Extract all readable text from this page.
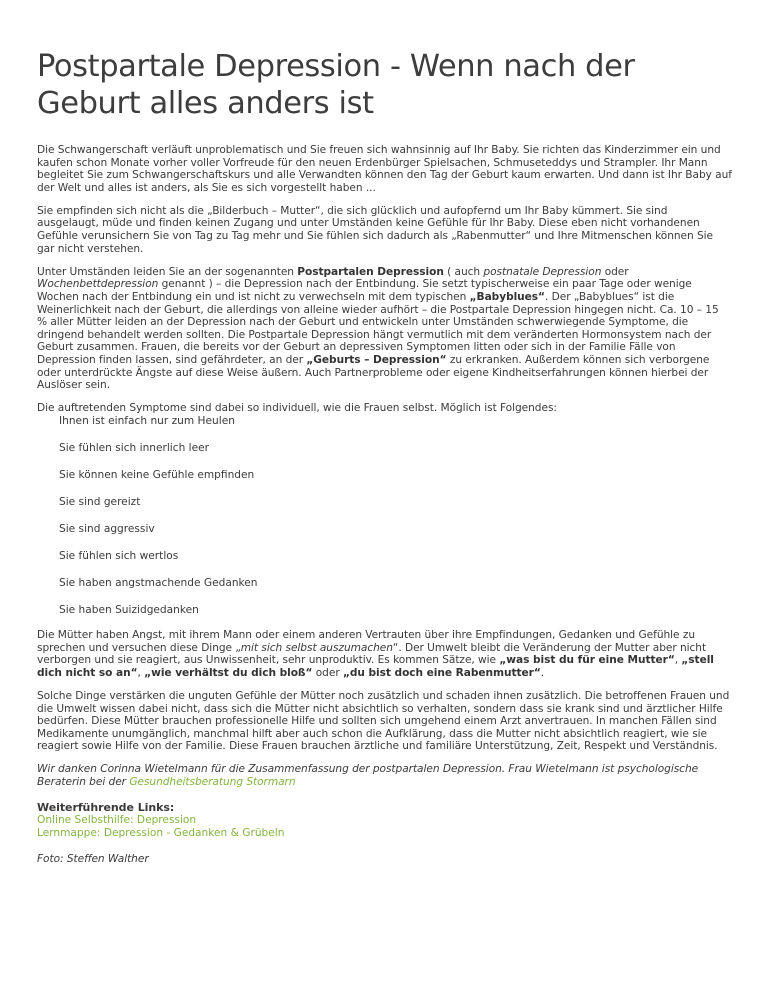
Postpartale Depression - Wenn nach der Geburt alles anders ist

Die Schwangerschaft verläuft unproblematisch und Sie freuen sich wahnsinnig auf Ihr Baby. Sie richten das Kinderzimmer ein und kaufen schon Monate vorher voller Vorfreude für den neuen Erdenbürger Spielsachen, Schmuseteddys und Strampler. Ihr Mann begleitet Sie zum Schwangerschaftskurs und alle Verwandten können den Tag der Geburt kaum erwarten. Und dann ist Ihr Baby auf der Welt und alles ist anders, als Sie es sich vorgestellt haben ...

Sie empfinden sich nicht als die „Bilderbuch – Mutter“, die sich glücklich und aufopfernd um Ihr Baby kümmert. Sie sind ausgelaugt, müde und finden keinen Zugang und unter Umständen keine Gefühle für Ihr Baby. Diese eben nicht vorhandenen Gefühle verunsichern Sie von Tag zu Tag mehr und Sie fühlen sich dadurch als „Rabenmutter“ und Ihre Mitmenschen können Sie gar nicht verstehen.

Unter Umständen leiden Sie an der sogenannten Postpartalen Depression ( auch postnatale Depression oder Wochenbettdepression genannt ) – die Depression nach der Entbindung. Sie setzt typischerweise ein paar Tage oder wenige Wochen nach der Entbindung ein und ist nicht zu verwechseln mit dem typischen „Babyblues“. Der „Babyblues“ ist die Weinerlichkeit nach der Geburt, die allerdings von alleine wieder aufhört – die Postpartale Depression hingegen nicht. Ca. 10 – 15 % aller Mütter leiden an der Depression nach der Geburt und entwickeln unter Umständen schwerwiegende Symptome, die dringend behandelt werden sollten. Die Postpartale Depression hängt vermutlich mit dem veränderten Hormonsystem nach der Geburt zusammen. Frauen, die bereits vor der Geburt an depressiven Symptomen litten oder sich in der Familie Fälle von Depression finden lassen, sind gefährdeter, an der „Geburts – Depression“ zu erkranken. Außerdem können sich verborgene oder unterdrückte Ängste auf diese Weise äußern. Auch Partnerprobleme oder eigene Kindheitserfahrungen können hierbei der Auslöser sein.

Die auftretenden Symptome sind dabei so individuell, wie die Frauen selbst. Möglich ist Folgendes:

Ihnen ist einfach nur zum Heulen
Sie fühlen sich innerlich leer
Sie können keine Gefühle empfinden
Sie sind gereizt
Sie sind aggressiv
Sie fühlen sich wertlos
Sie haben angstmachende Gedanken
Sie haben Suizidgedanken

Die Mütter haben Angst, mit ihrem Mann oder einem anderen Vertrauten über ihre Empfindungen, Gedanken und Gefühle zu sprechen und versuchen diese Dinge „mit sich selbst auszumachen“. Der Umwelt bleibt die Veränderung der Mutter aber nicht verborgen und sie reagiert, aus Unwissenheit, sehr unproduktiv. Es kommen Sätze, wie „was bist du für eine Mutter“, „stell dich nicht so an“, „wie verhältst du dich bloß“ oder „du bist doch eine Rabenmutter“.

Solche Dinge verstärken die unguten Gefühle der Mütter noch zusätzlich und schaden ihnen zusätzlich. Die betroffenen Frauen und die Umwelt wissen dabei nicht, dass sich die Mütter nicht absichtlich so verhalten, sondern dass sie krank sind und ärztlicher Hilfe bedürfen. Diese Mütter brauchen professionelle Hilfe und sollten sich umgehend einem Arzt anvertrauen. In manchen Fällen sind Medikamente unumgänglich, manchmal hilft aber auch schon die Aufklärung, dass die Mutter nicht absichtlich reagiert, wie sie reagiert sowie Hilfe von der Familie. Diese Frauen brauchen ärztliche und familiäre Unterstützung, Zeit, Respekt und Verständnis.

Wir danken Corinna Wietelmann für die Zusammenfassung der postpartalen Depression. Frau Wietelmann ist psychologische Beraterin bei der Gesundheitsberatung Stormarn

Weiterführende Links:

Online Selbsthilfe: Depression
Lernmappe: Depression - Gedanken & Grübeln

Foto: Steffen Walther
